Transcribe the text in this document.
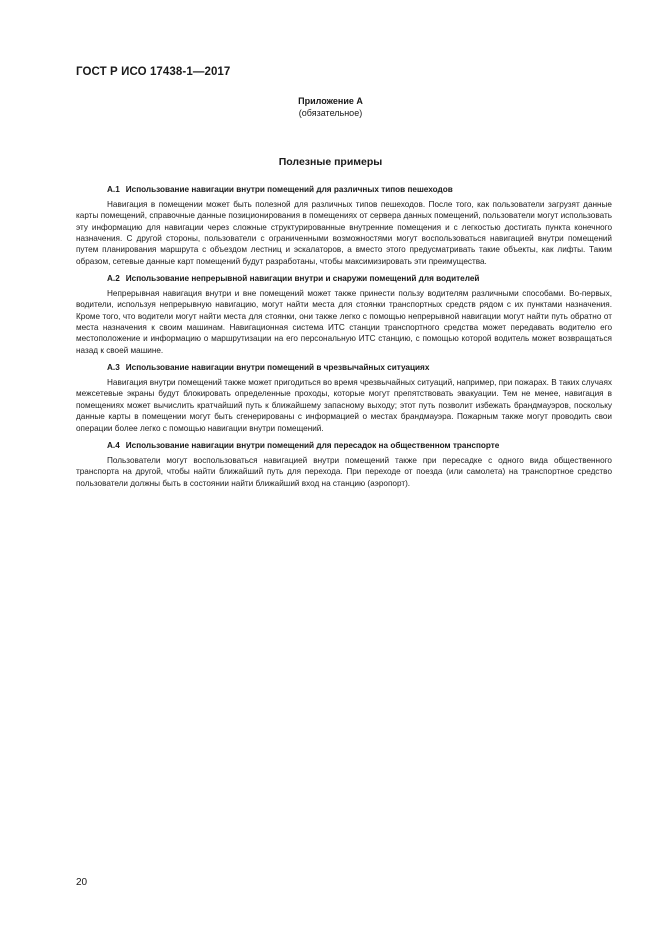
ГОСТ Р ИСО 17438-1—2017
Приложение А
(обязательное)
Полезные примеры
А.1 Использование навигации внутри помещений для различных типов пешеходов

Навигация в помещении может быть полезной для различных типов пешеходов. После того, как пользователи загрузят данные карты помещений, справочные данные позиционирования в помещениях от сервера данных помещений, пользователи могут использовать эту информацию для навигации через сложные структурированные внутренние помещения и с легкостью достигать пункта конечного назначения. С другой стороны, пользователи с ограниченными возможностями могут воспользоваться навигацией внутри помещений путем планирования маршрута с объездом лестниц и эскалаторов, а вместо этого предусматривать такие объекты, как лифты. Таким образом, сетевые данные карт помещений будут разработаны, чтобы максимизировать эти преимущества.

А.2 Использование непрерывной навигации внутри и снаружи помещений для водителей

Непрерывная навигация внутри и вне помещений может также принести пользу водителям различными способами. Во-первых, водители, используя непрерывную навигацию, могут найти места для стоянки транспортных средств рядом с их пунктами назначения. Кроме того, что водители могут найти места для стоянки, они также легко с помощью непрерывной навигации могут найти путь обратно от места назначения к своим машинам. Навигационная система ИТС станции транспортного средства может передавать водителю его местоположение и информацию о маршрутизации на его персональную ИТС станцию, с помощью которой водитель может возвращаться назад к своей машине.

А.3 Использование навигации внутри помещений в чрезвычайных ситуациях

Навигация внутри помещений также может пригодиться во время чрезвычайных ситуаций, например, при пожарах. В таких случаях межсетевые экраны будут блокировать определенные проходы, которые могут препятствовать эвакуации. Тем не менее, навигация в помещениях может вычислить кратчайший путь к ближайшему запасному выходу; этот путь позволит избежать брандмауэров, поскольку данные карты в помещении могут быть сгенерированы с информацией о местах брандмауэра. Пожарным также могут проводить свои операции более легко с помощью навигации внутри помещений.

А.4 Использование навигации внутри помещений для пересадок на общественном транспорте

Пользователи могут воспользоваться навигацией внутри помещений также при пересадке с одного вида общественного транспорта на другой, чтобы найти ближайший путь для перехода. При переходе от поезда (или самолета) на транспортное средство пользователи должны быть в состоянии найти ближайший вход на станцию (аэропорт).

20
